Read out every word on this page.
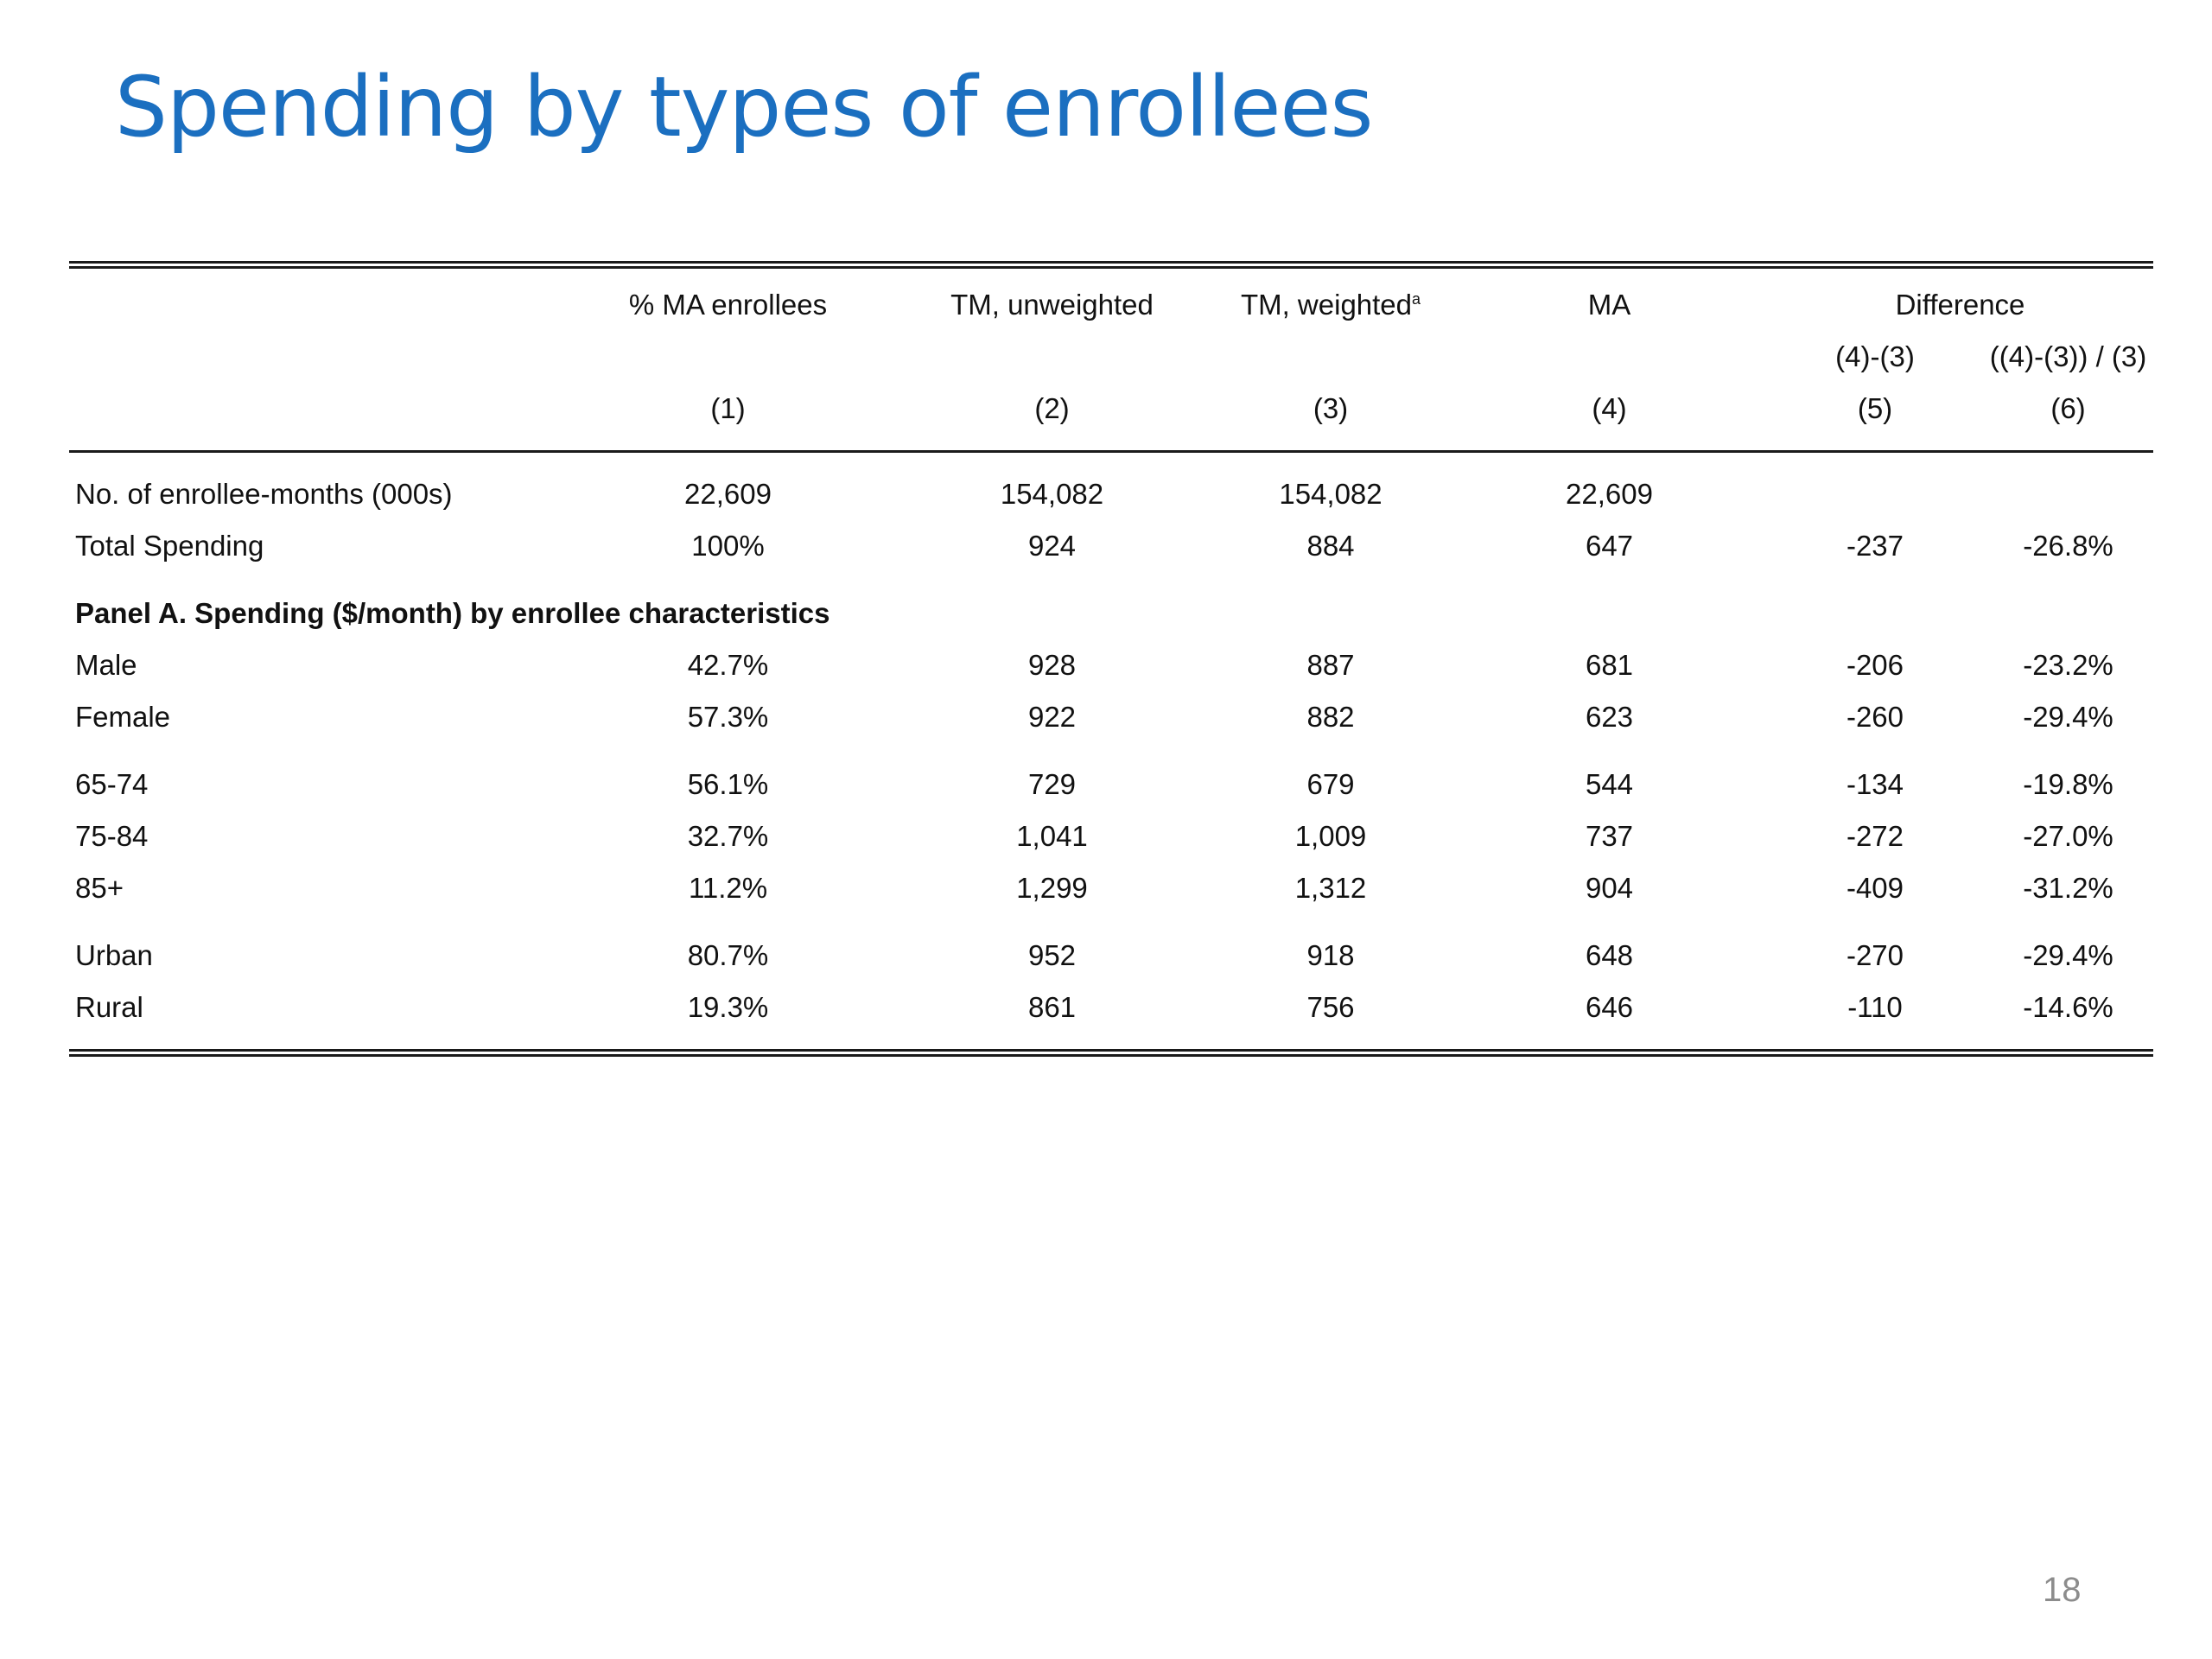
Spending by types of enrollees
% MA enrollees	TM, unweighted	TM, weighted$^a$	MA	Difference
(4)-(3)	((4)-(3)) / (3)
(1)	(2)	(3)	(4)	(5)	(6)
No. of enrollee-months (000s)	22,609	154,082	154,082	22,609
Total Spending	100%	924	884	647	-237	-26.8%
Panel A. Spending ($/month) by enrollee characteristics
Male	42.7%	928	887	681	-206	-23.2%
Female	57.3%	922	882	623	-260	-29.4%
65-74	56.1%	729	679	544	-134	-19.8%
75-84	32.7%	1,041	1,009	737	-272	-27.0%
85+	11.2%	1,299	1,312	904	-409	-31.2%
Urban	80.7%	952	918	648	-270	-29.4%
Rural	19.3%	861	756	646	-110	-14.6%
18
